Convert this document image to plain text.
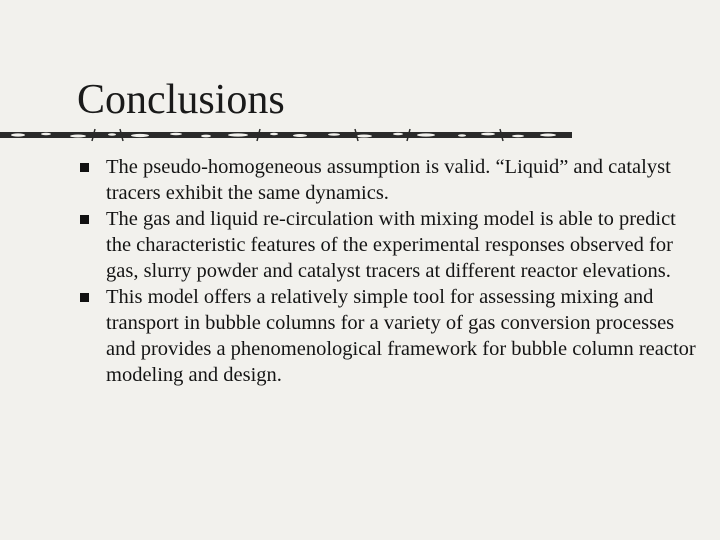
Conclusions
The pseudo-homogeneous assumption is valid. “Liquid” and catalyst tracers exhibit the same dynamics.
The gas and liquid re-circulation with mixing model is able to predict the characteristic features of the experimental responses observed for gas, slurry powder and catalyst tracers at different reactor elevations.
This model offers a relatively simple tool for assessing mixing and transport in bubble columns for a variety of gas conversion processes and provides a phenomenological framework for bubble column reactor modeling and design.
